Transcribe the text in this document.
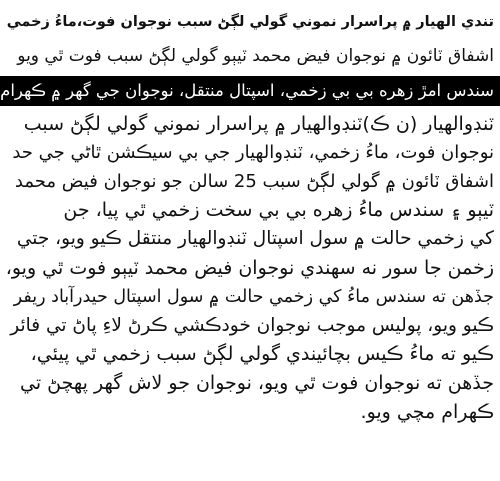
تندي الهيار ۾ پراسرار نموني گولي لڳڻ سبب نوجوان فوت،ماءُ زخمي
اشفاق ٽائون ۾ نوجوان فيض محمد ٽيٻو گولي لڳڻ سبب فوت ٿي ويو
سندس امڙ زهره بي بي زخمي، اسپتال منتقل، نوجوان جي گهر ۾ ڪهرام
ٽنڊوالهيار (ن ڪ)ٽنڊوالهيار ۾ پراسرار نموني گولي لڳڻ سبب
نوجوان فوت، ماءُ زخمي، ٽنڊوالهيار جي بي سيڪشن ٿاڻي جي حد
اشفاق ٽائون ۾ گولي لڳڻ سبب 25 سالن جو نوجوان فيض محمد
ٽيٻو ۽ سندس ماءُ زهره بي بي سخت زخمي ٿي پيا، جن
کي زخمي حالت ۾ سول اسپتال ٽنڊوالهيار منتقل ڪيو ويو، جتي
زخمن جا سور نه سهندي نوجوان فيض محمد ٽيٻو فوت ٿي ويو،
جڏهن ته سندس ماءُ کي زخمي حالت ۾ سول اسپتال حيدرآباد ريفر
ڪيو ويو، پوليس موجب نوجوان خودڪشي ڪرڻ لاءِ پاڻ تي فائر
ڪيو ته ماءُ ڪيس بچائيندي گولي لڳڻ سبب زخمي ٿي پيئي،
جڏهن ته نوجوان فوت ٿي ويو، نوجوان جو لاش گهر پهچڻ تي
ڪهرام مچي ويو.
